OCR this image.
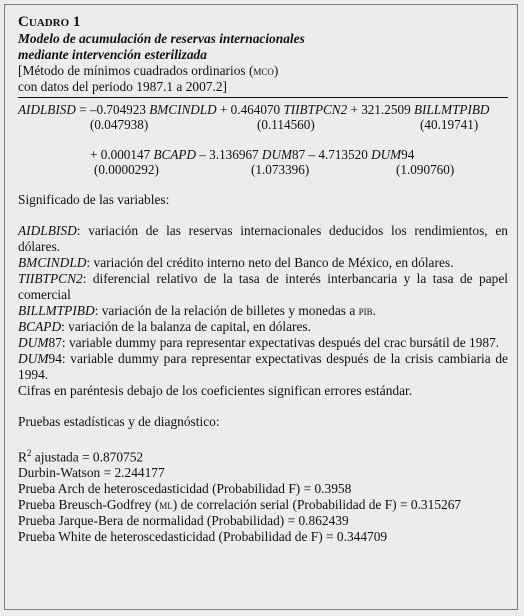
Cuadro 1
Modelo de acumulación de reservas internacionales
mediante intervención esterilizada
[Método de mínimos cuadrados ordinarios (mco)
con datos del periodo 1987.1 a 2007.2]
AIDLBISD = –0.704923 BMCINDLD + 0.464070 TIIBTPCN2 + 321.2509 BILLMTPIBD
(0.047938)	(0.114560)	(40.19741)
+ 0.000147 BCAPD – 3.136967 DUM87 – 4.713520 DUM94
(0.0000292)	(1.073396)	(1.090760)
Significado de las variables:
AIDLBISD: variación de las reservas internacionales deducidos los rendimientos, en dólares.
BMCINDLD: variación del crédito interno neto del Banco de México, en dólares.
TIIBTPCN2: diferencial relativo de la tasa de interés interbancaria y la tasa de papel comercial
BILLMTPIBD: variación de la relación de billetes y monedas a pib.
BCAPD: variación de la balanza de capital, en dólares.
DUM87: variable dummy para representar expectativas después del crac bursátil de 1987.
DUM94: variable dummy para representar expectativas después de la crisis cambiaria de 1994.
Cifras en paréntesis debajo de los coeficientes significan errores estándar.
Pruebas estadísticas y de diagnóstico:
$R^2$ ajustada = 0.870752
Durbin-Watson = 2.244177
Prueba Arch de heteroscedasticidad (Probabilidad F) = 0.3958
Prueba Breusch-Godfrey (ml) de correlación serial (Probabilidad de F) = 0.315267
Prueba Jarque-Bera de normalidad (Probabilidad) = 0.862439
Prueba White de heteroscedasticidad (Probabilidad de F) = 0.344709
